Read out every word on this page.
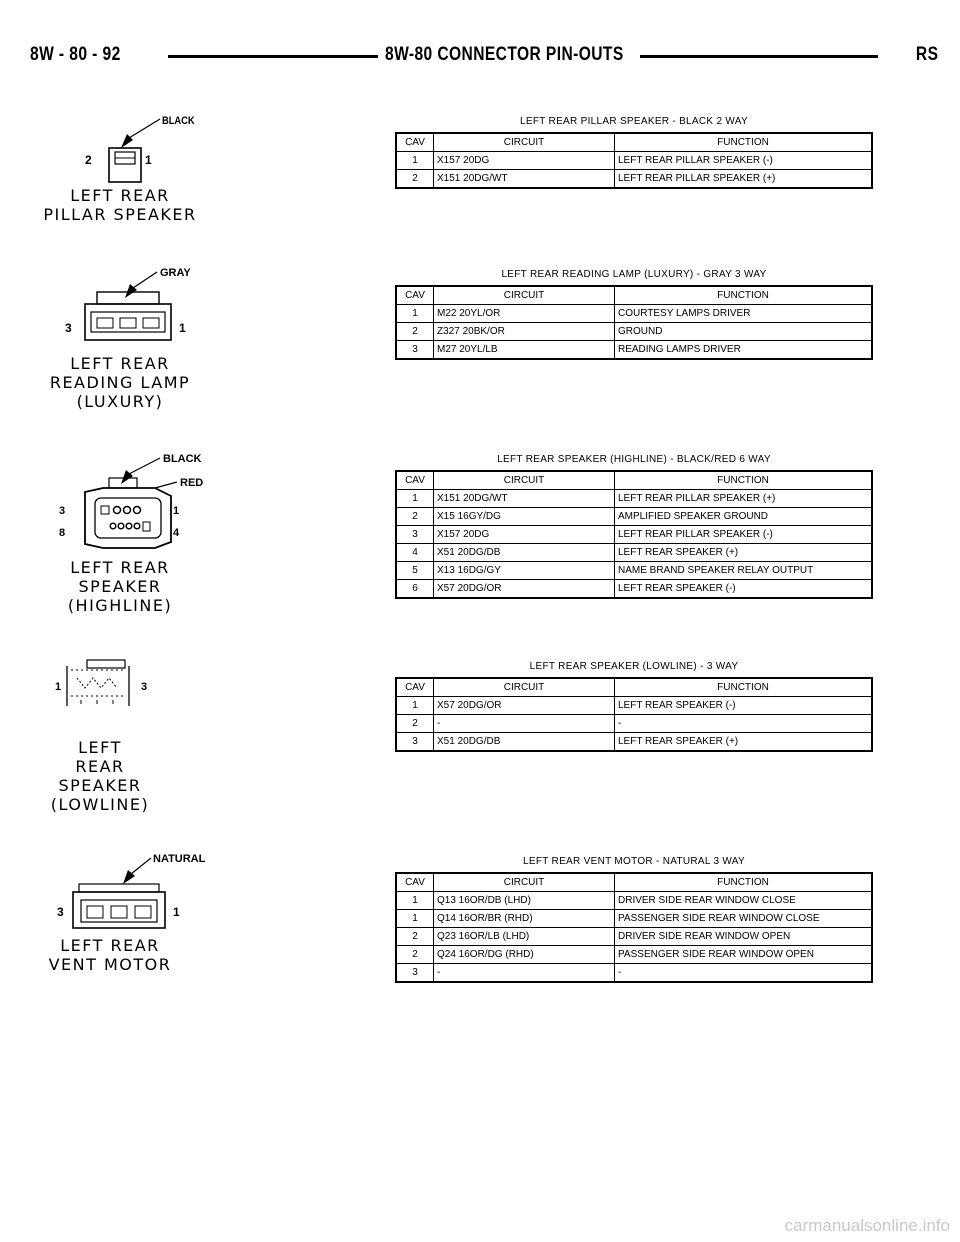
8W - 80 - 92	8W-80 CONNECTOR PIN-OUTS	RS
BLACK
2	1
LEFT REAR
PILLAR SPEAKER
LEFT REAR PILLAR SPEAKER - BLACK 2 WAY
CAV	CIRCUIT	FUNCTION
1	X157 20DG	LEFT REAR PILLAR SPEAKER (-)
2	X151 20DG/WT	LEFT REAR PILLAR SPEAKER (+)
GRAY
3	1
LEFT REAR
READING LAMP
(LUXURY)
LEFT REAR READING LAMP (LUXURY) - GRAY 3 WAY
CAV	CIRCUIT	FUNCTION
1	M22 20YL/OR	COURTESY LAMPS DRIVER
2	Z327 20BK/OR	GROUND
3	M27 20YL/LB	READING LAMPS DRIVER
BLACK
RED
3	1
8	4
LEFT REAR
SPEAKER
(HIGHLINE)
LEFT REAR SPEAKER (HIGHLINE) - BLACK/RED 6 WAY
CAV	CIRCUIT	FUNCTION
1	X151 20DG/WT	LEFT REAR PILLAR SPEAKER (+)
2	X15 16GY/DG	AMPLIFIED SPEAKER GROUND
3	X157 20DG	LEFT REAR PILLAR SPEAKER (-)
4	X51 20DG/DB	LEFT REAR SPEAKER (+)
5	X13 16DG/GY	NAME BRAND SPEAKER RELAY OUTPUT
6	X57 20DG/OR	LEFT REAR SPEAKER (-)
1	3
LEFT
REAR
SPEAKER
(LOWLINE)
LEFT REAR SPEAKER (LOWLINE) - 3 WAY
CAV	CIRCUIT	FUNCTION
1	X57 20DG/OR	LEFT REAR SPEAKER (-)
2	-	-
3	X51 20DG/DB	LEFT REAR SPEAKER (+)
NATURAL
3	1
LEFT REAR
VENT MOTOR
LEFT REAR VENT MOTOR - NATURAL 3 WAY
CAV	CIRCUIT	FUNCTION
1	Q13 16OR/DB (LHD)	DRIVER SIDE REAR WINDOW CLOSE
1	Q14 16OR/BR (RHD)	PASSENGER SIDE REAR WINDOW CLOSE
2	Q23 16OR/LB (LHD)	DRIVER SIDE REAR WINDOW OPEN
2	Q24 16OR/DG (RHD)	PASSENGER SIDE REAR WINDOW OPEN
3	-	-
carmanualsonline.info
